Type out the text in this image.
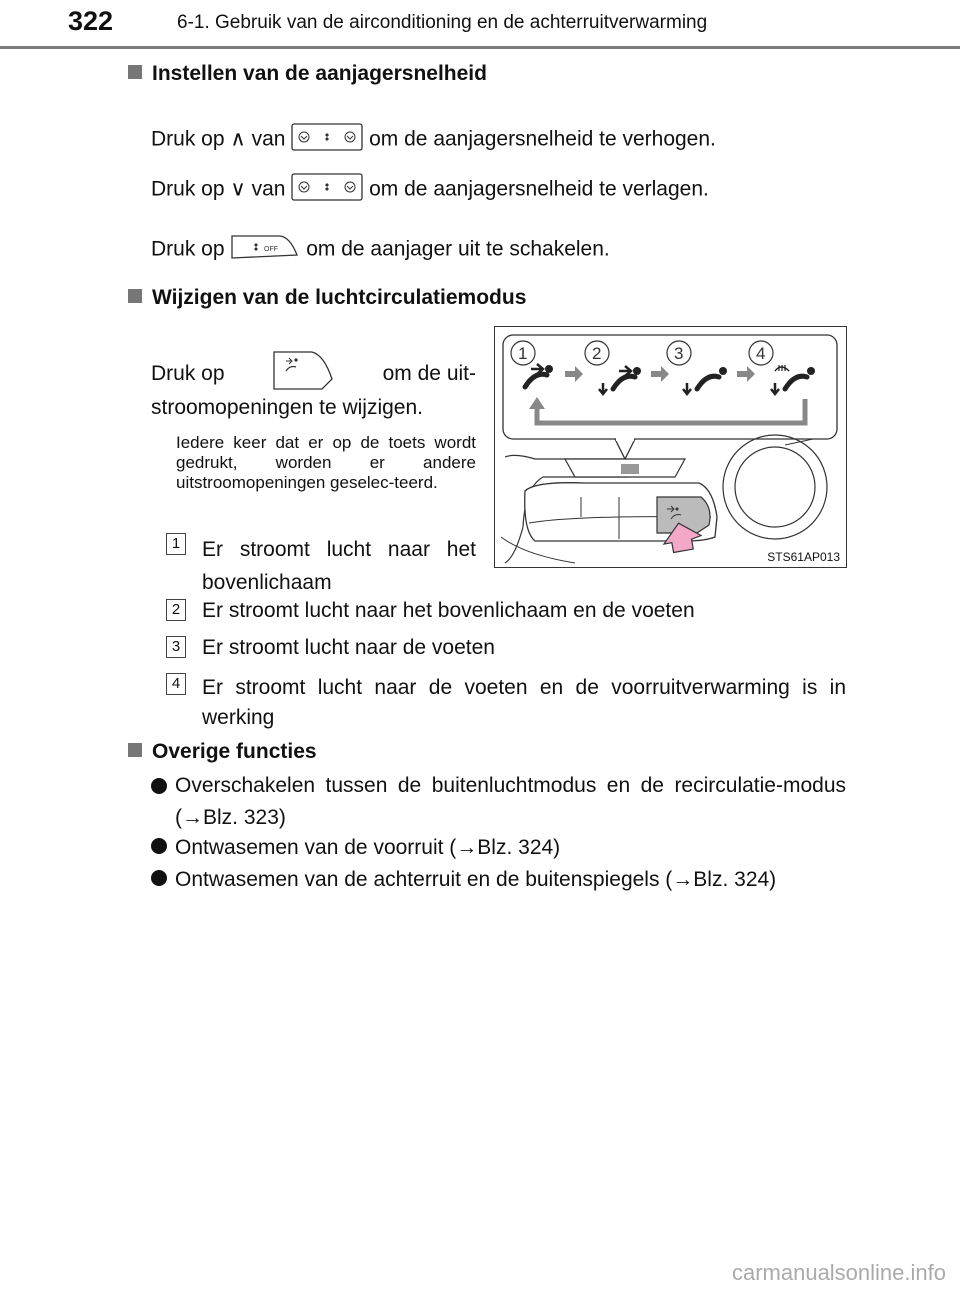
322	6-1. Gebruik van de airconditioning en de achterruitverwarming
Instellen van de aanjagersnelheid
Druk op ∧ van	om de aanjagersnelheid te verhogen.
Druk op ∨ van	om de aanjagersnelheid te verlagen.
Druk op	OFF om de aanjager uit te schakelen.
Wijzigen van de luchtcirculatiemodus
Druk op	om de uit-
stroomopeningen te wijzigen.
Iedere keer dat er op de toets wordt gedrukt, worden er andere uitstroomopeningen geselec-teerd.
1 Er stroomt lucht naar het bovenlichaam
2 Er stroomt lucht naar het bovenlichaam en de voeten
3 Er stroomt lucht naar de voeten
4 Er stroomt lucht naar de voeten en de voorruitverwarming is in werking
1	2	3	4
STS61AP013
Overige functies
Overschakelen tussen de buitenluchtmodus en de recirculatie-modus (→Blz. 323)
Ontwasemen van de voorruit (→Blz. 324)
Ontwasemen van de achterruit en de buitenspiegels (→Blz. 324)
carmanualsonline.info
